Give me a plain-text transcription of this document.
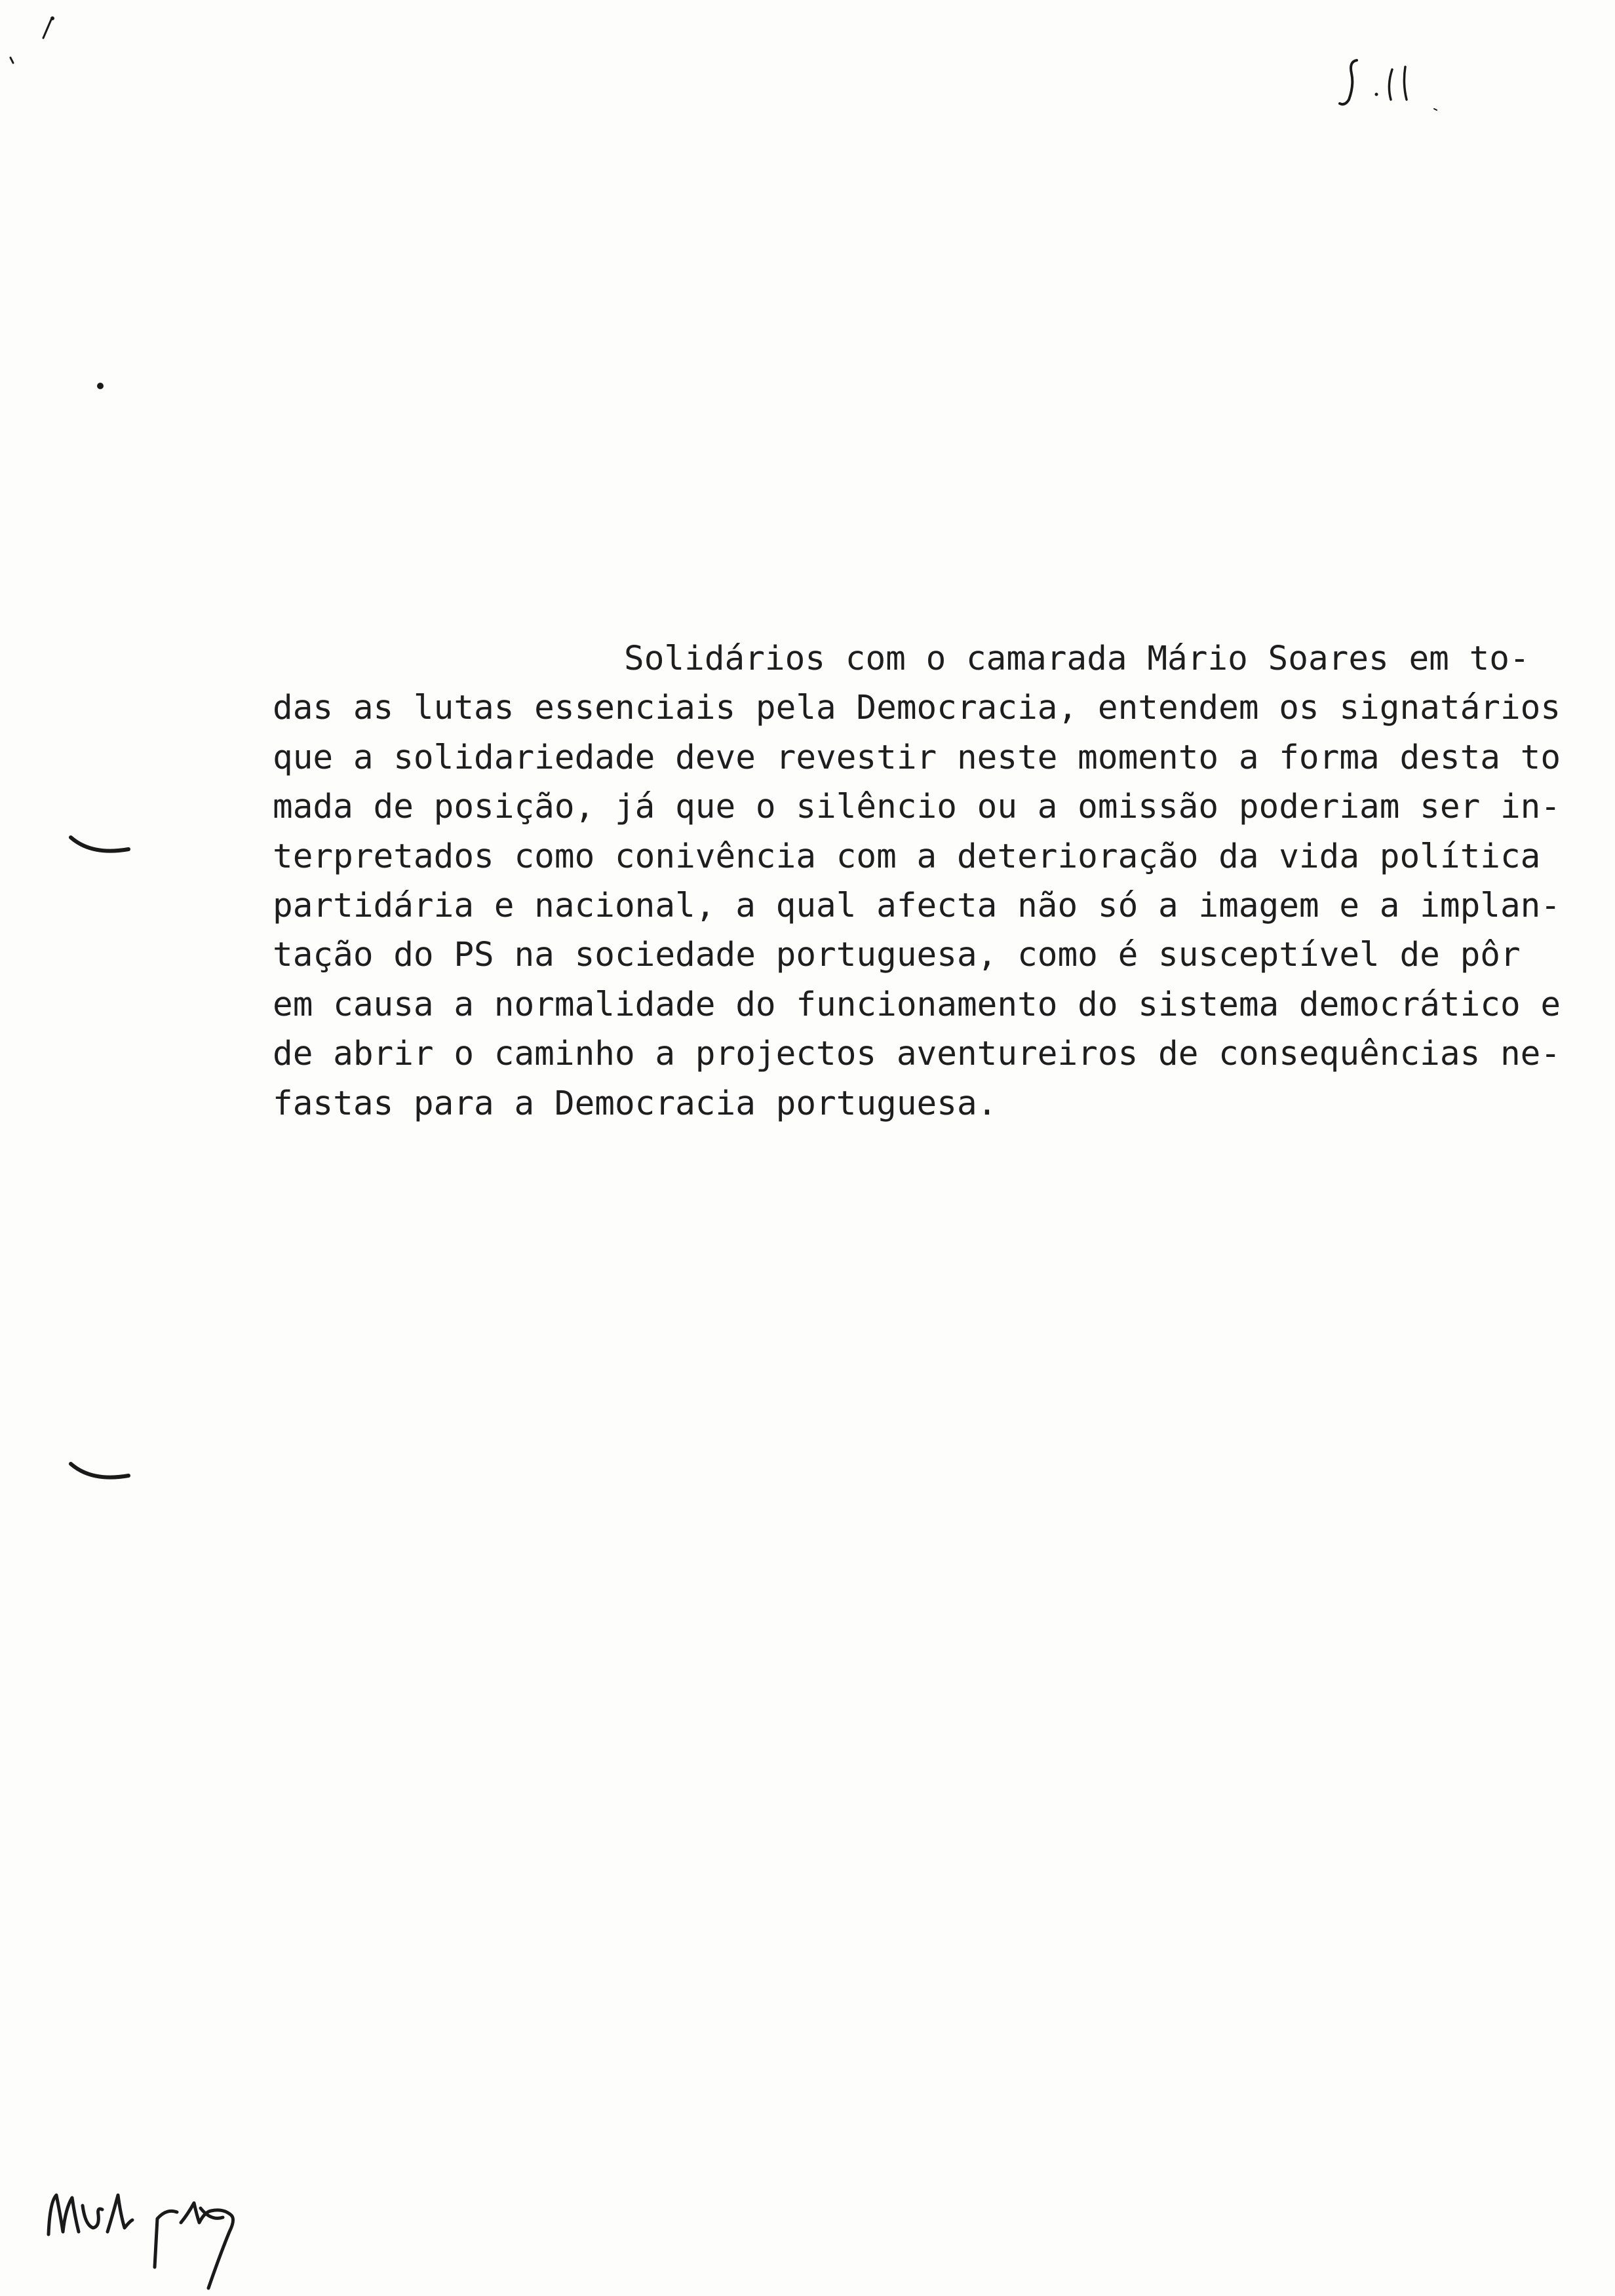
Solidários com o camarada Mário Soares em to-
das as lutas essenciais pela Democracia, entendem os signatários
que a solidariedade deve revestir neste momento a forma desta to
mada de posição, já que o silêncio ou a omissão poderiam ser in-
terpretados como conivência com a deterioração da vida política
partidária e nacional, a qual afecta não só a imagem e a implan-
tação do PS na sociedade portuguesa, como é susceptível de pôr
em causa a normalidade do funcionamento do sistema democrático e
de abrir o caminho a projectos aventureiros de consequências ne-
fastas para a Democracia portuguesa.
